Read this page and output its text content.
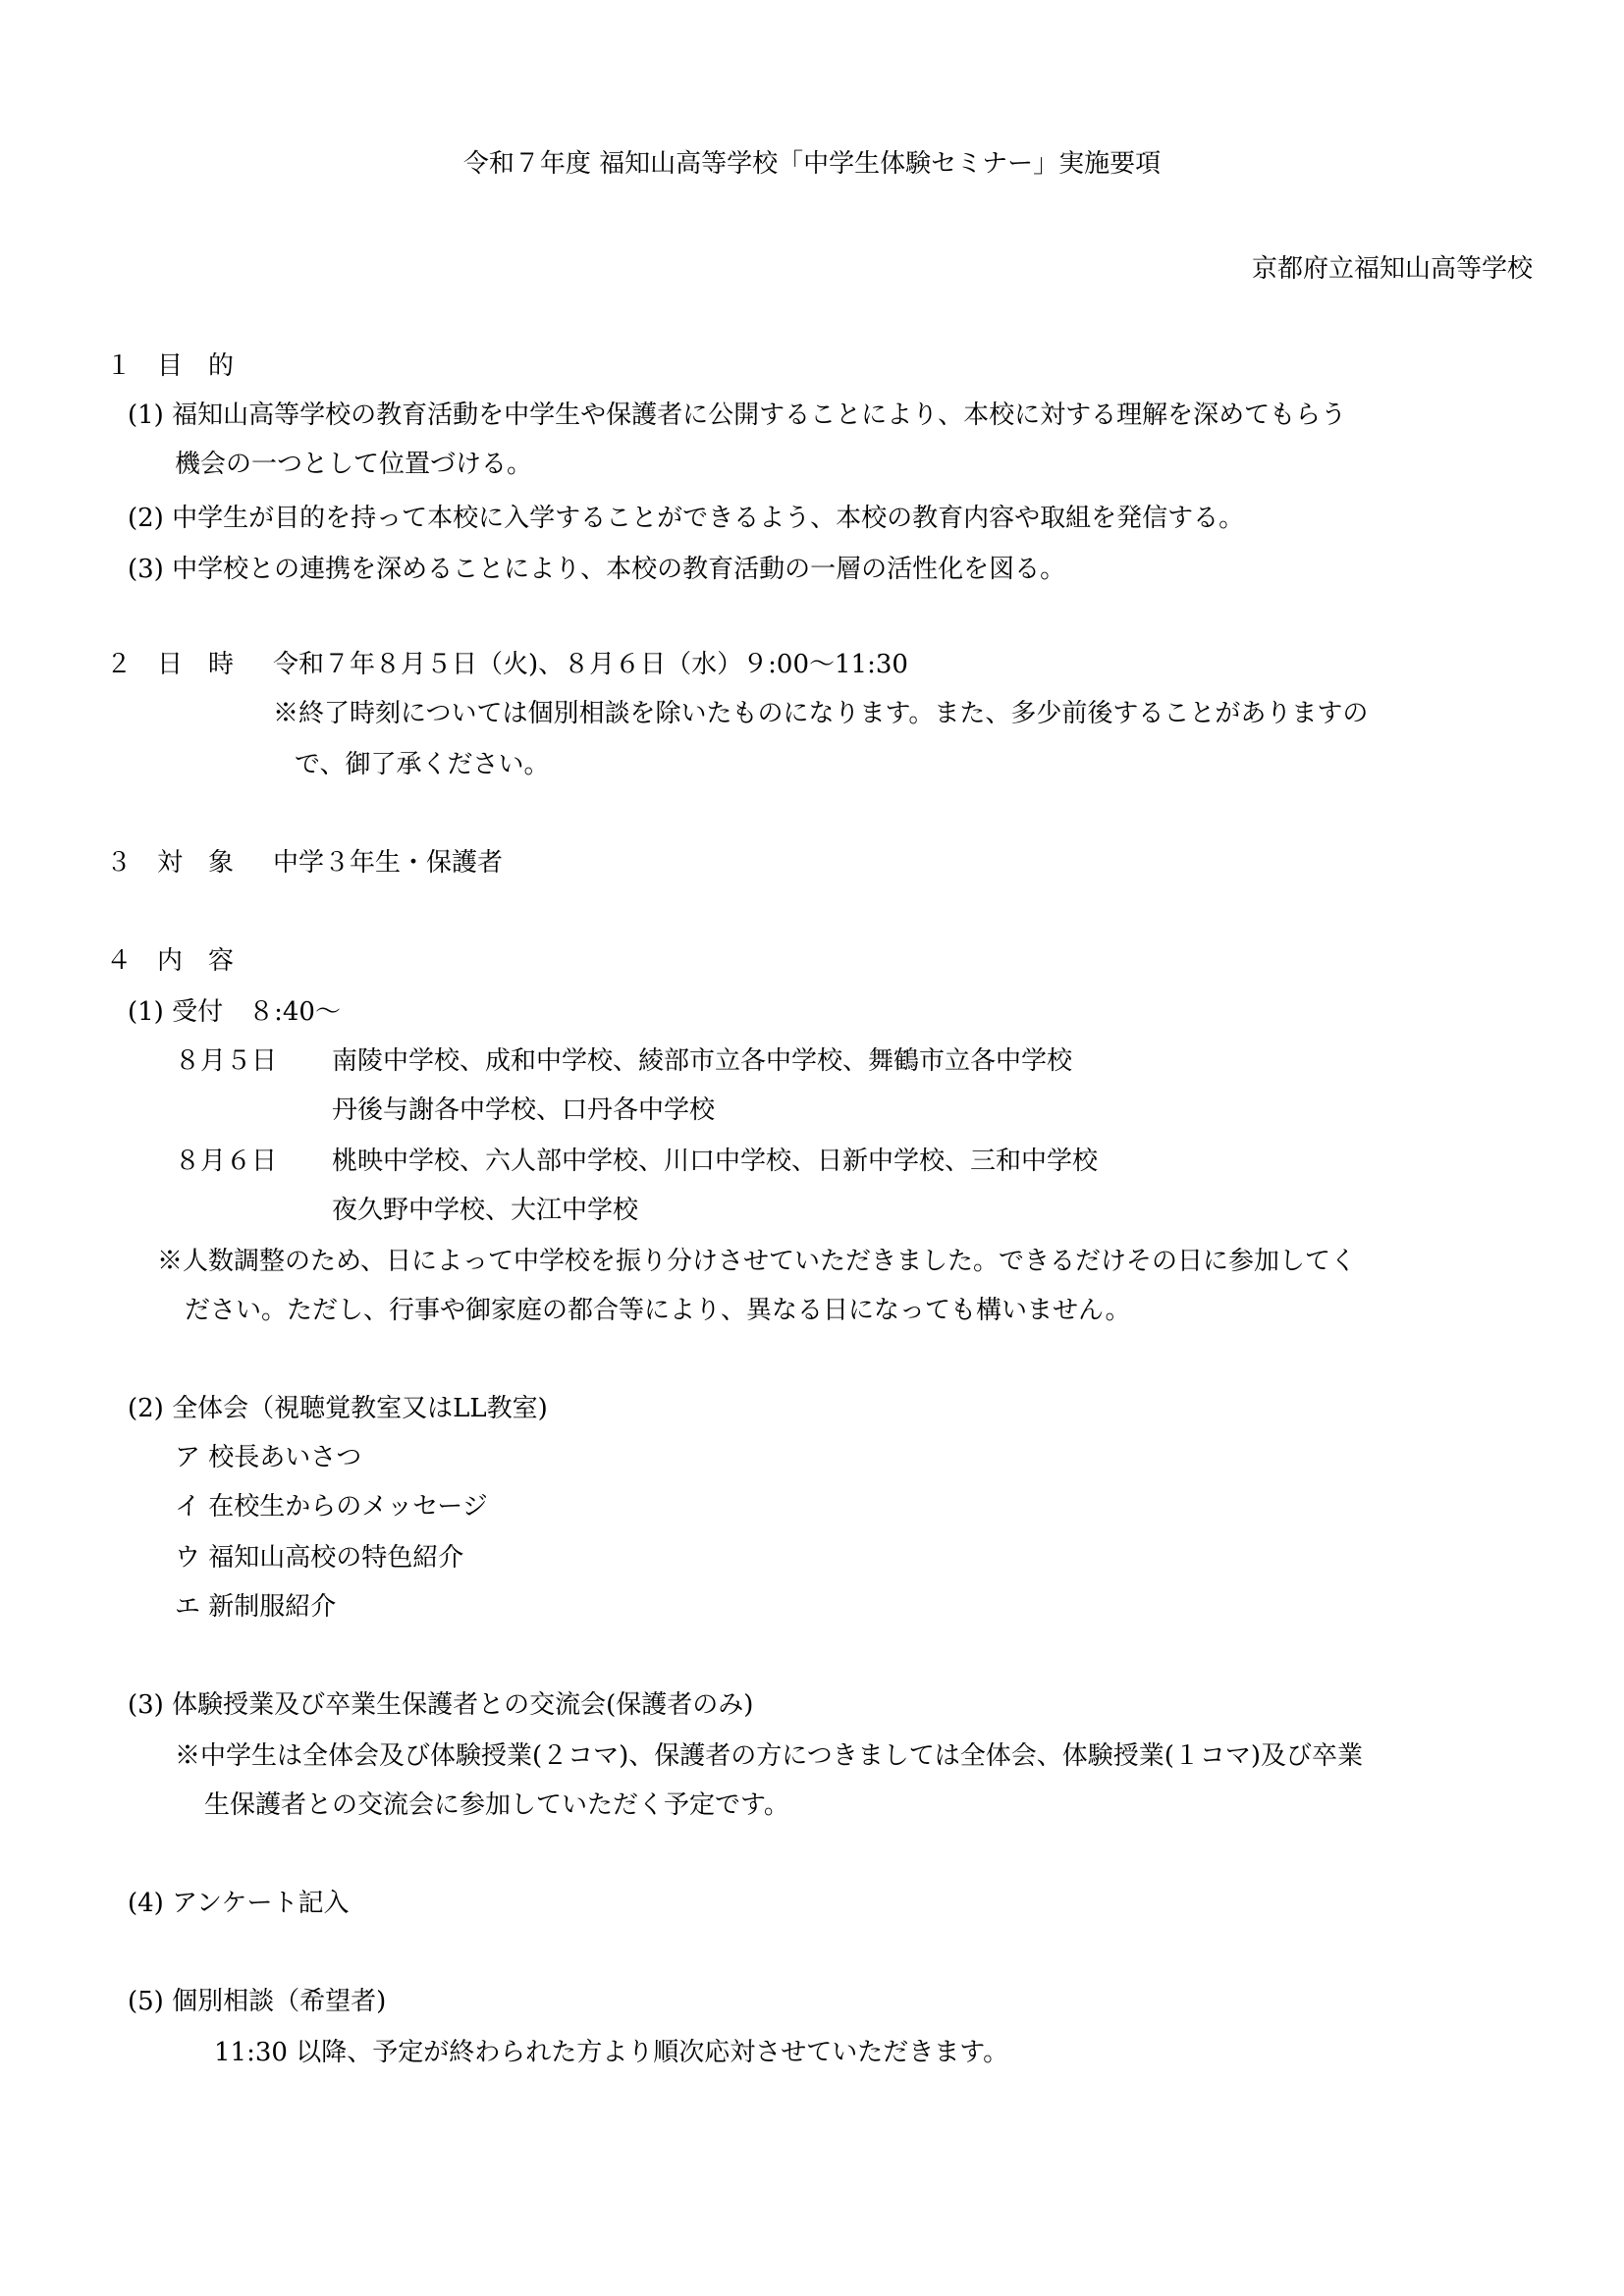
令和７年度 福知山高等学校「中学生体験セミナー」実施要項
京都府立福知山高等学校
１　目　的
(1) 福知山高等学校の教育活動を中学生や保護者に公開することにより、本校に対する理解を深めてもらう
機会の一つとして位置づける。
(2) 中学生が目的を持って本校に入学することができるよう、本校の教育内容や取組を発信する。
(3) 中学校との連携を深めることにより、本校の教育活動の一層の活性化を図る。
２　日　時 令和７年８月５日（火)、８月６日（水）９:00～11:30
※終了時刻については個別相談を除いたものになります。また、多少前後することがありますの
で、御了承ください。
３　対　象 中学３年生・保護者
４　内　容
(1) 受付　８:40～
８月５日 南陵中学校、成和中学校、綾部市立各中学校、舞鶴市立各中学校
丹後与謝各中学校、口丹各中学校
８月６日 桃映中学校、六人部中学校、川口中学校、日新中学校、三和中学校
夜久野中学校、大江中学校
※人数調整のため、日によって中学校を振り分けさせていただきました。できるだけその日に参加してく
ださい。ただし、行事や御家庭の都合等により、異なる日になっても構いません。
(2) 全体会（視聴覚教室又はLL教室)
ア 校長あいさつ
イ 在校生からのメッセージ
ウ 福知山高校の特色紹介
エ 新制服紹介
(3) 体験授業及び卒業生保護者との交流会(保護者のみ)
※中学生は全体会及び体験授業(２コマ)、保護者の方につきましては全体会、体験授業(１コマ)及び卒業
生保護者との交流会に参加していただく予定です。
(4) アンケート記入
(5) 個別相談（希望者)
11:30 以降、予定が終わられた方より順次応対させていただきます。
